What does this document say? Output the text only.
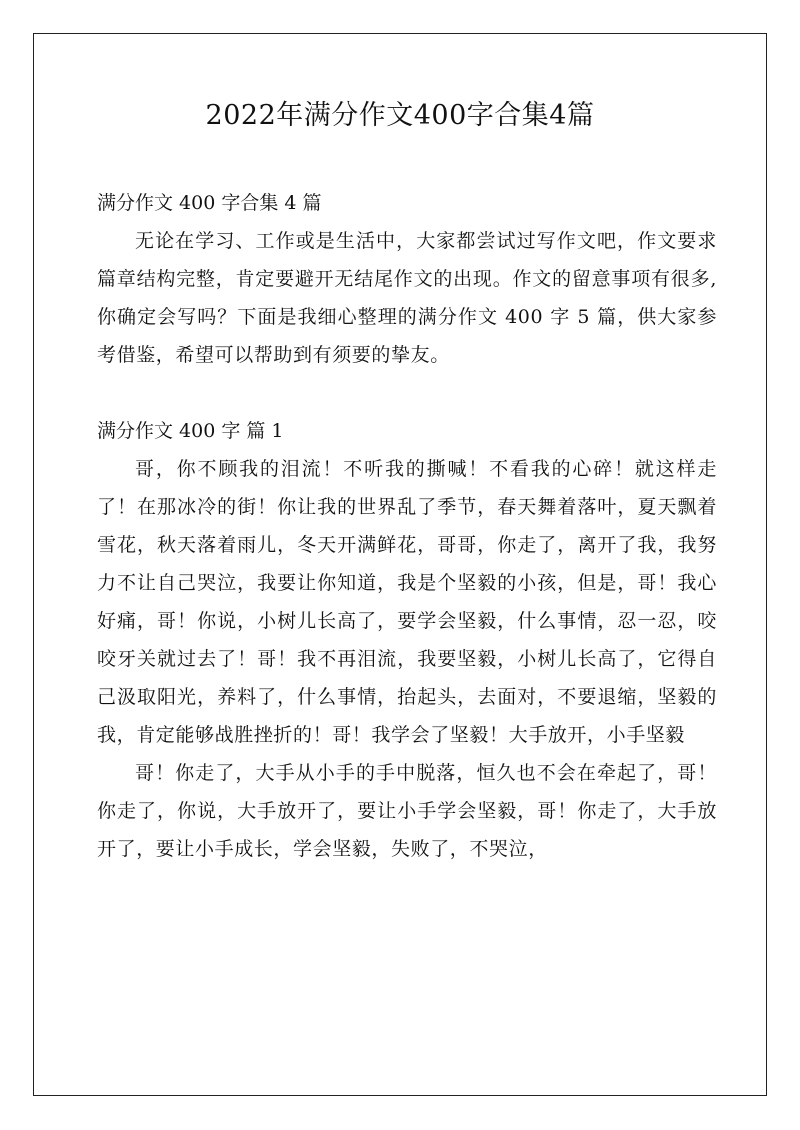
2022年满分作文400字合集4篇

满分作文 400 字合集 4 篇

无论在学习、工作或是生活中，大家都尝试过写作文吧，作文要求篇章结构完整，肯定要避开无结尾作文的出现。作文的留意事项有很多,你确定会写吗？下面是我细心整理的满分作文 400 字 5 篇，供大家参考借鉴，希望可以帮助到有须要的挚友。

满分作文 400 字 篇 1

哥，你不顾我的泪流！不听我的撕喊！不看我的心碎！就这样走了！在那冰冷的街！你让我的世界乱了季节，春天舞着落叶，夏天飘着雪花，秋天落着雨儿，冬天开满鲜花，哥哥，你走了，离开了我，我努力不让自己哭泣，我要让你知道，我是个坚毅的小孩，但是，哥！我心好痛，哥！你说，小树儿长高了，要学会坚毅，什么事情，忍一忍，咬咬牙关就过去了！哥！我不再泪流，我要坚毅，小树儿长高了，它得自己汲取阳光，养料了，什么事情，抬起头，去面对，不要退缩，坚毅的我，肯定能够战胜挫折的！哥！我学会了坚毅！大手放开，小手坚毅

哥！你走了，大手从小手的手中脱落，恒久也不会在牵起了，哥！你走了，你说，大手放开了，要让小手学会坚毅，哥！你走了，大手放开了，要让小手成长，学会坚毅，失败了，不哭泣，
